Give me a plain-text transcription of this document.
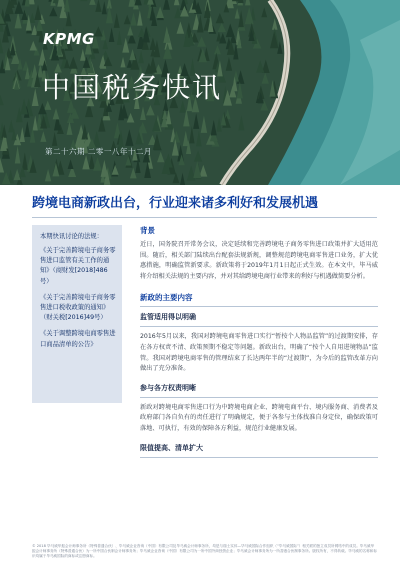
KPMG
中国税务快讯
第二十六期 二零一八年十二月
跨境电商新政出台，行业迎来诸多利好和发展机遇
本期快讯讨论的法规：
《关于完善跨境电子商务零售进口监管有关工作的通知》（商财发[2018]486号）
《关于完善跨境电子商务零售进口税收政策的通知》（财关税[2016]49号）
《关于调整跨境电商零售进口商品清单的公告》
背景

近日，国务院召开常务会议，决定延续和完善跨境电子商务零售进口政策并扩大适用范围。随后，相关部门陆续出台配套法规新规，调整规范跨境电商零售进口业务，扩大优惠措施，明确监管新要求。新政策将于2019年1月1日起正式生效。在本文中，毕马威将介绍相关法规的主要内容，并对其给跨境电商行业带来的利好与机遇做简要分析。

新政的主要内容
监管适用得以明确

2016年5月以来，我国对跨境电商零售进口实行“暂按个人物品监管”的过渡期安排，存在各方权责不清、政策预期不稳定等问题。新政出台，明确了“按个人自用进境物品”监管。我国对跨境电商零售的管理结束了长达两年半的“过渡期”，为今后的监管改革方向做出了充分准备。

参与各方权责明晰

新政对跨境电商零售进口行为中跨境电商企业、跨境电商平台、境内服务商、消费者及政府部门各自负有的责任进行了明确规定，便于各参与主体找准自身定位，确保政策可落地、可执行，有效的保障各方利益，规范行业健康发展。

限值提高、清单扩大
© 2018 毕马威华振会计师事务所（特殊普通合伙）、毕马威企业咨询（中国）有限公司及毕马威会计师事务所，均是与瑞士实体—毕马威国际合作组织（“毕马威国际”）相关联的独立成员所网络中的成员。毕马威华振会计师事务所（特殊普通合伙）为一所中国合伙制会计师事务所；毕马威企业咨询（中国）有限公司为一所中国外商独资企业；毕马威会计师事务所为一所香港合伙制事务所。版权所有，不得转载。毕马威的名称和标识均属于毕马威国际的商标或注册商标。
